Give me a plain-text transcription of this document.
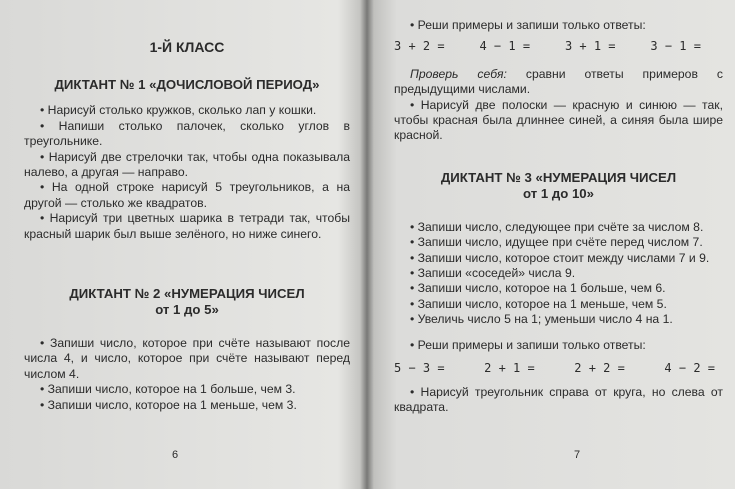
1-Й КЛАСС
ДИКТАНТ № 1 «ДОЧИСЛОВОЙ ПЕРИОД»

• Нарисуй столько кружков, сколько лап у кошки.

• Напиши столько палочек, сколько углов в треугольнике.

• Нарисуй две стрелочки так, чтобы одна показывала налево, а другая — направо.

• На одной строке нарисуй 5 треугольников, а на другой — столько же квадратов.

• Нарисуй три цветных шарика в тетради так, чтобы красный шарик был выше зелёного, но ниже синего.

ДИКТАНТ № 2 «НУМЕРАЦИЯ ЧИСЕЛ
от 1 до 5»

• Запиши число, которое при счёте называют после числа 4, и число, которое при счёте называют перед числом 4.

• Запиши число, которое на 1 больше, чем 3.

• Запиши число, которое на 1 меньше, чем 3.

6

• Реши примеры и запиши только ответы:

3 + 2 =	4 − 1 =	3 + 1 =	3 − 1 =

Проверь себя: сравни ответы примеров с предыдущими числами.

• Нарисуй две полоски — красную и синюю — так, чтобы красная была длиннее синей, а синяя была шире красной.

ДИКТАНТ № 3 «НУМЕРАЦИЯ ЧИСЕЛ
от 1 до 10»

• Запиши число, следующее при счёте за числом 8.

• Запиши число, идущее при счёте перед числом 7.

• Запиши число, которое стоит между числами 7 и 9.

• Запиши «соседей» числа 9.

• Запиши число, которое на 1 больше, чем 6.

• Запиши число, которое на 1 меньше, чем 5.

• Увеличь число 5 на 1; уменьши число 4 на 1.

• Реши примеры и запиши только ответы:

5 − 3 =	2 + 1 =	2 + 2 =	4 − 2 =

• Нарисуй треугольник справа от круга, но слева от квадрата.

7
